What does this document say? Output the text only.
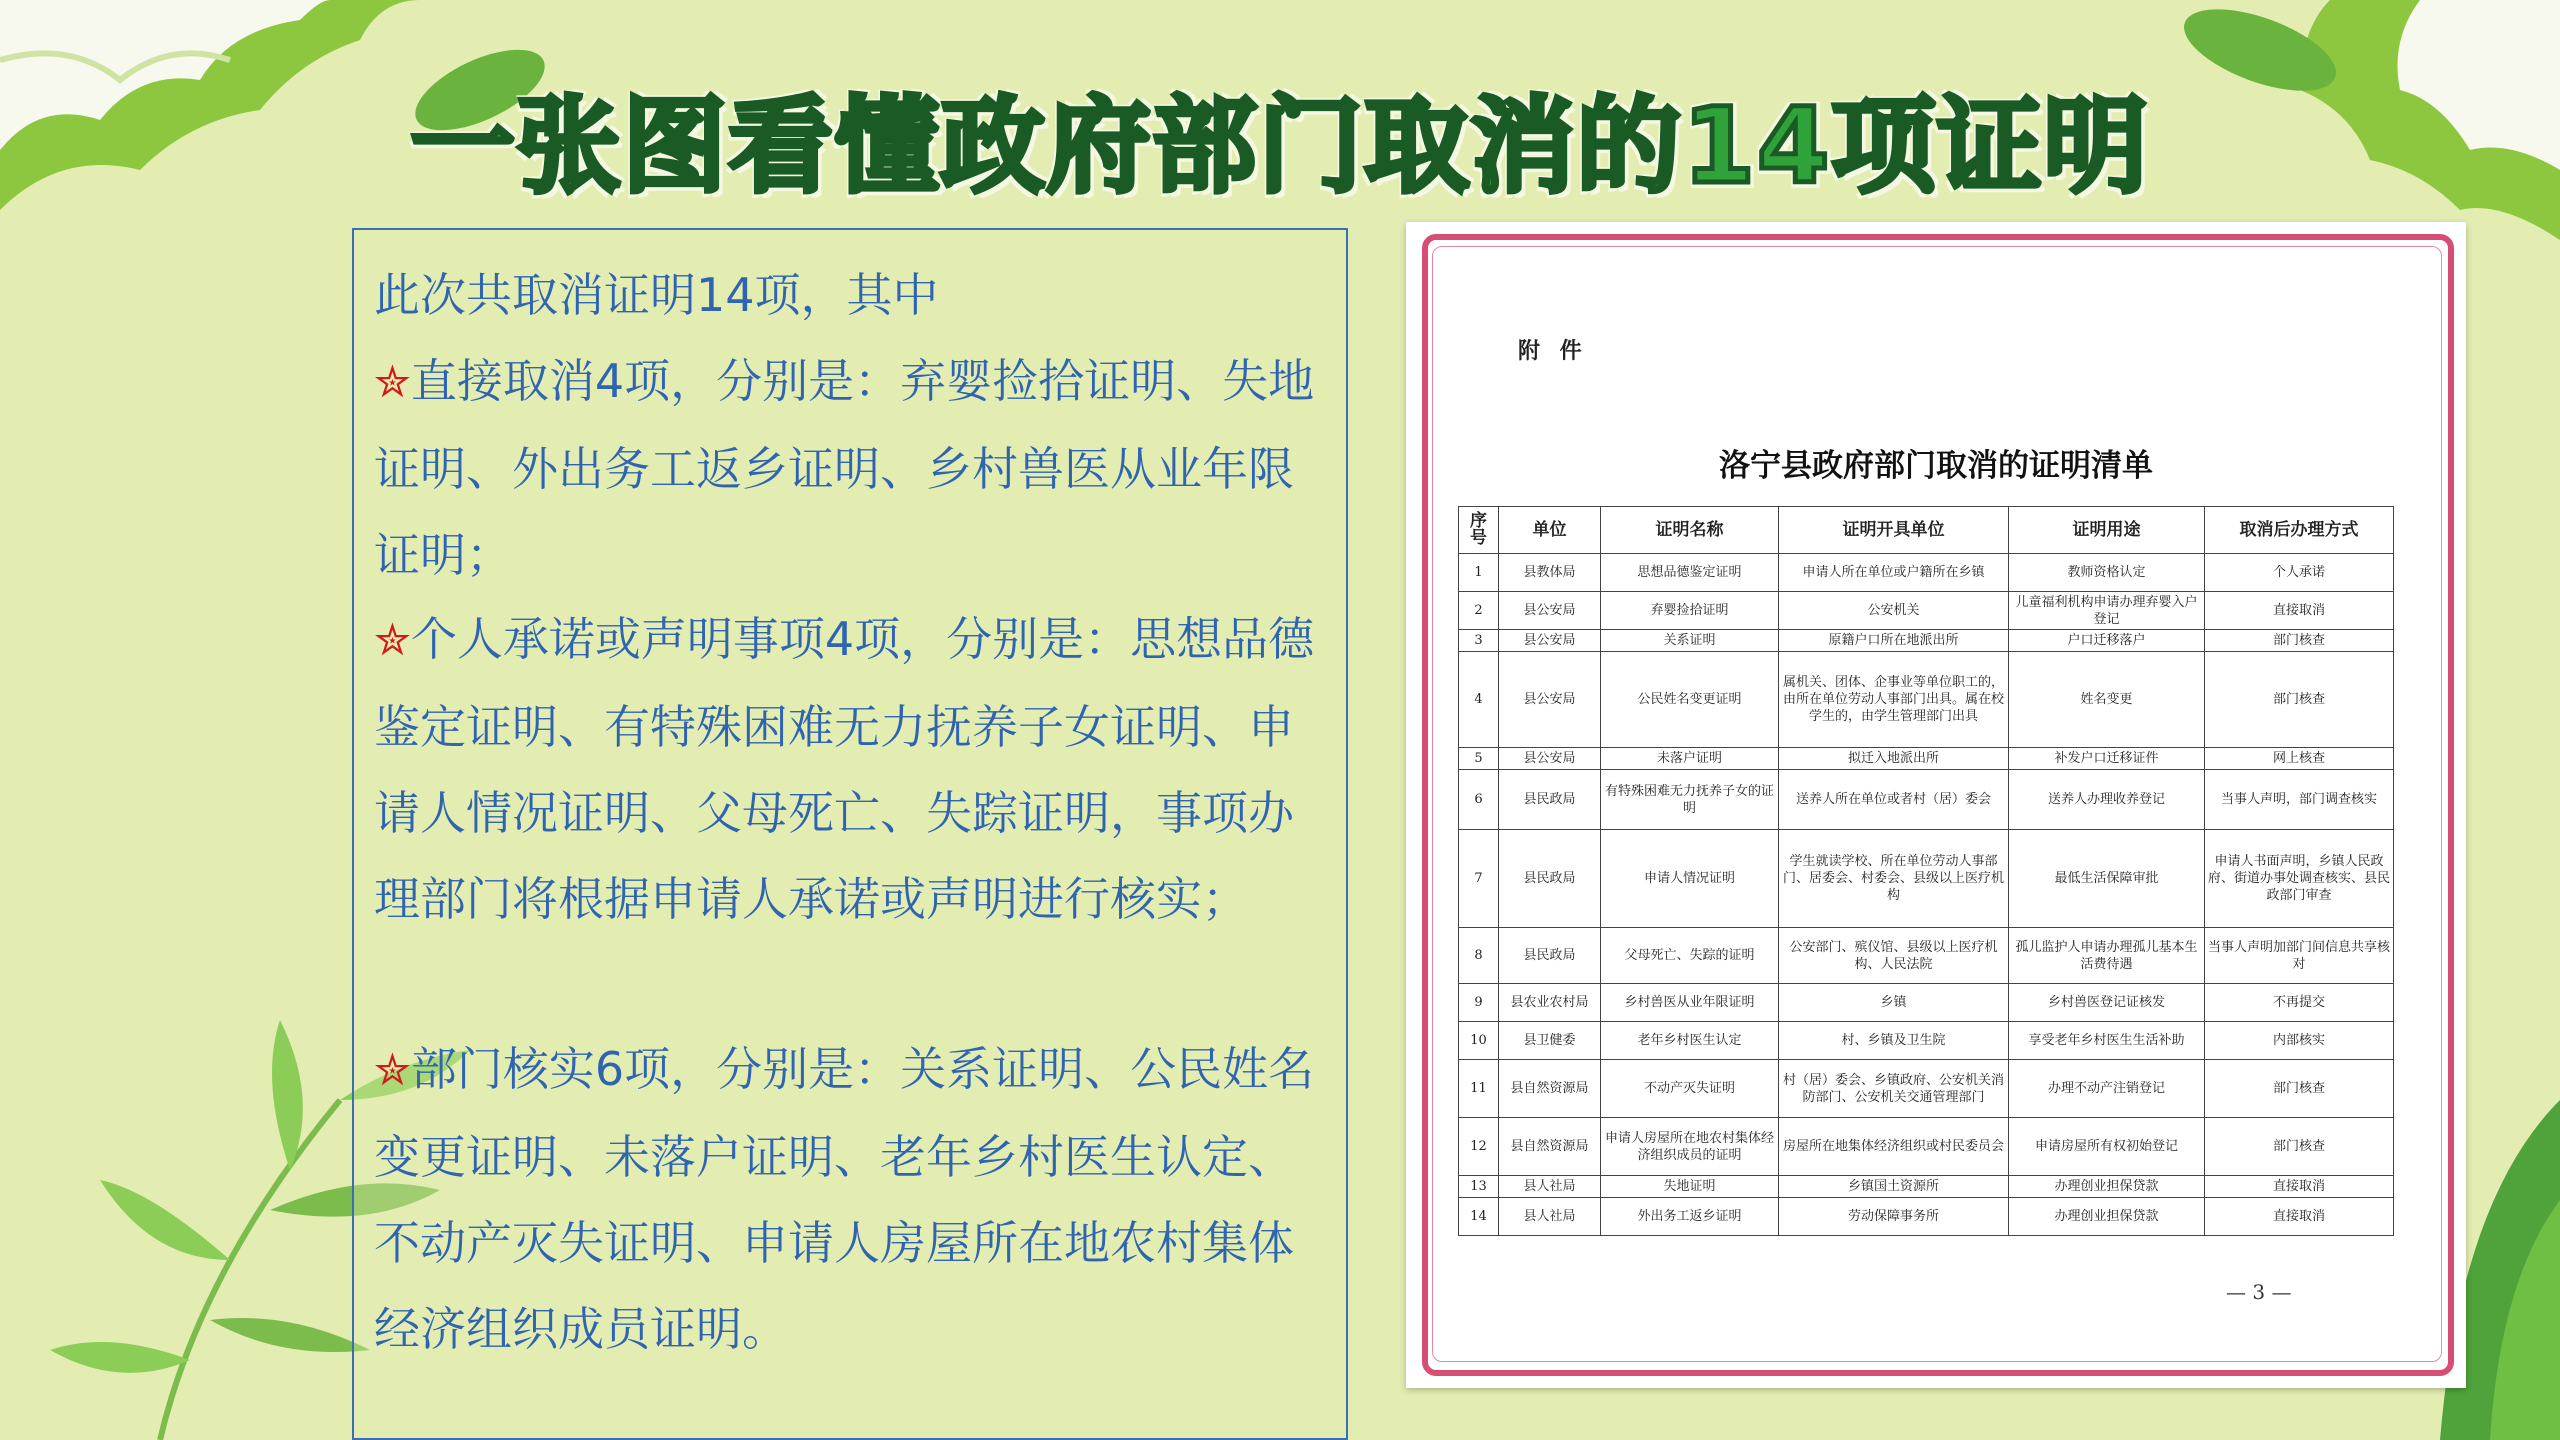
一张图看懂政府部门取消的14项证明
此次共取消证明14项，其中
✮直接取消4项，分别是：弃婴捡拾证明、失地证明、外出务工返乡证明、乡村兽医从业年限证明；
✮个人承诺或声明事项4项，分别是：思想品德鉴定证明、有特殊困难无力抚养子女证明、申请人情况证明、父母死亡、失踪证明，事项办理部门将根据申请人承诺或声明进行核实；
✮部门核实6项，分别是：关系证明、公民姓名变更证明、未落户证明、老年乡村医生认定、不动产灭失证明、申请人房屋所在地农村集体经济组织成员证明。
附 件
洛宁县政府部门取消的证明清单
序号	单位	证明名称	证明开具单位	证明用途	取消后办理方式
1	县教体局	思想品德鉴定证明	申请人所在单位或户籍所在乡镇	教师资格认定	个人承诺
2	县公安局	弃婴捡拾证明	公安机关	儿童福利机构申请办理弃婴入户登记	直接取消
3	县公安局	关系证明	原籍户口所在地派出所	户口迁移落户	部门核查
4	县公安局	公民姓名变更证明	属机关、团体、企事业等单位职工的，由所在单位劳动人事部门出具。属在校学生的，由学生管理部门出具	姓名变更	部门核查
5	县公安局	未落户证明	拟迁入地派出所	补发户口迁移证件	网上核查
6	县民政局	有特殊困难无力抚养子女的证明	送养人所在单位或者村（居）委会	送养人办理收养登记	当事人声明，部门调查核实
7	县民政局	申请人情况证明	学生就读学校、所在单位劳动人事部门、居委会、村委会、县级以上医疗机构	最低生活保障审批	申请人书面声明，乡镇人民政府、街道办事处调查核实、县民政部门审查
8	县民政局	父母死亡、失踪的证明	公安部门、殡仪馆、县级以上医疗机构、人民法院	孤儿监护人申请办理孤儿基本生活费待遇	当事人声明加部门间信息共享核对
9	县农业农村局	乡村兽医从业年限证明	乡镇	乡村兽医登记证核发	不再提交
10	县卫健委	老年乡村医生认定	村、乡镇及卫生院	享受老年乡村医生生活补助	内部核实
11	县自然资源局	不动产灭失证明	村（居）委会、乡镇政府、公安机关消防部门、公安机关交通管理部门	办理不动产注销登记	部门核查
12	县自然资源局	申请人房屋所在地农村集体经济组织成员的证明	房屋所在地集体经济组织或村民委员会	申请房屋所有权初始登记	部门核查
13	县人社局	失地证明	乡镇国土资源所	办理创业担保贷款	直接取消
14	县人社局	外出务工返乡证明	劳动保障事务所	办理创业担保贷款	直接取消
— 3 —
